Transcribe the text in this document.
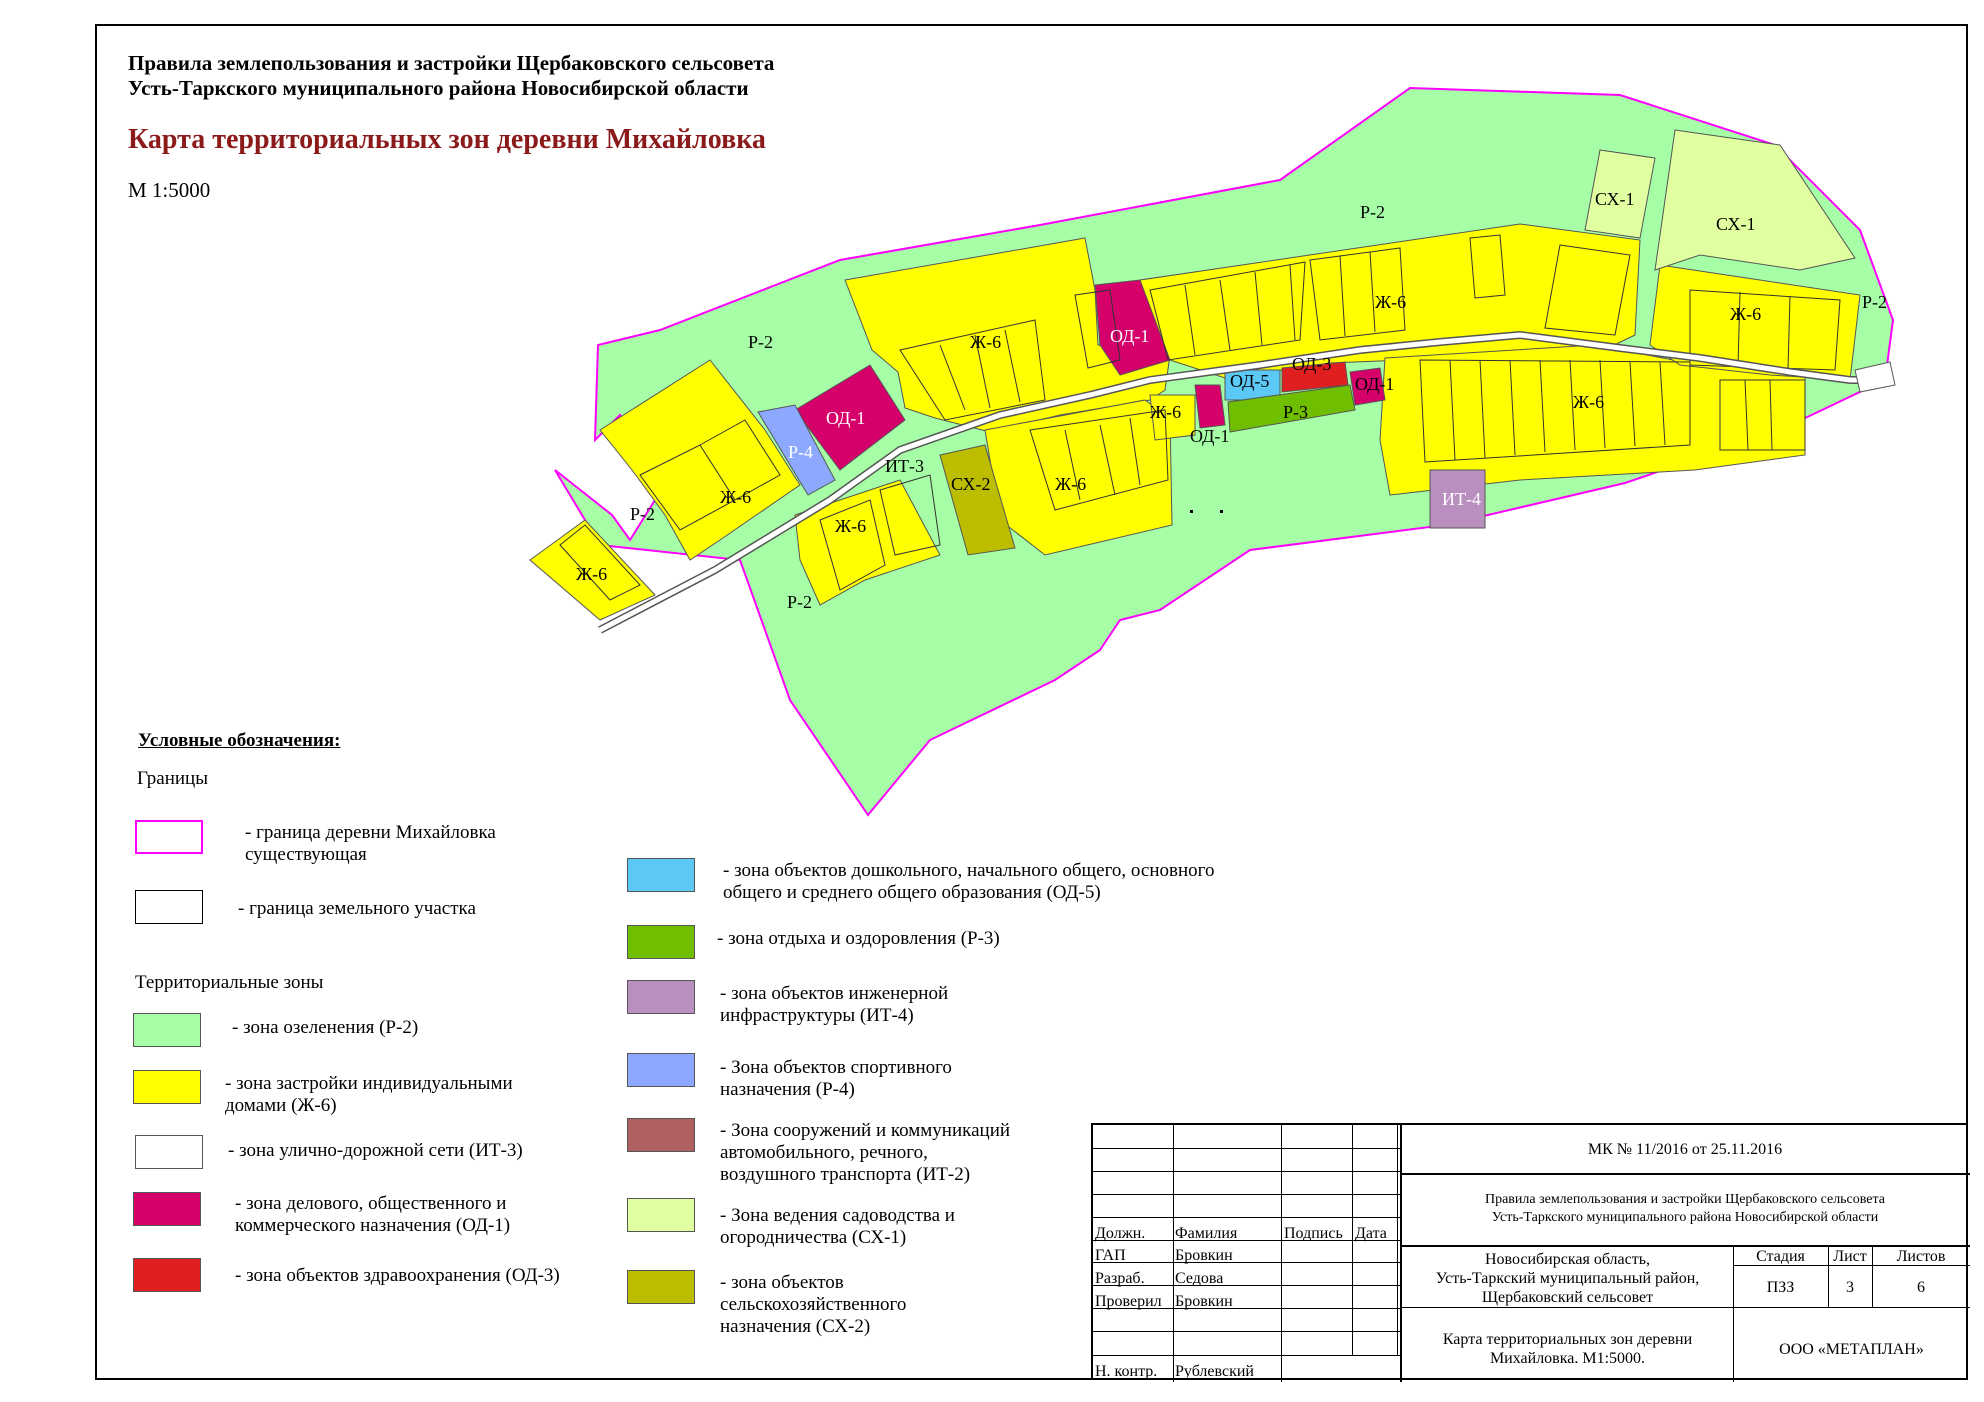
Правила землепользования и застройки Щербаковского сельсовета
Усть-Таркского муниципального района Новосибирской области
Карта территориальных зон деревни Михайловка
М 1:5000
Р-2
Р-2
Р-2
Р-2
Р-2
СХ-1
СХ-1
Ж-6
Ж-6
Ж-6
Ж-6	Ж-6
Ж-6
Ж-6
Ж-6
Ж-6
ОД-1
ОД-1
ОД-1
ОД-1
ОД-5
ОД-3
Р-3
Р-4
ИТ-3
СХ-2
ИТ-4
Условные обозначения:
Границы
- граница деревни Михайловка
существующая
- граница земельного участка
Территориальные зоны
- зона озеленения (Р-2)
- зона застройки индивидуальными
домами (Ж-6)
- зона улично-дорожной сети (ИТ-3)
- зона делового, общественного и
коммерческого назначения (ОД-1)
- зона объектов здравоохранения (ОД-3)
- зона объектов дошкольного, начального общего, основного
общего и среднего общего образования (ОД-5)
- зона отдыха и оздоровления (Р-3)
- зона объектов инженерной
инфраструктуры (ИТ-4)
- Зона объектов спортивного
назначения (Р-4)
- Зона сооружений и коммуникаций
автомобильного, речного,
воздушного транспорта (ИТ-2)
- Зона ведения садоводства и
огородничества (СХ-1)
- зона объектов
сельскохозяйственного
назначения (СХ-2)
МК № 11/2016 от 25.11.2016
Правила землепользования и застройки Щербаковского сельсовета
Усть-Таркского муниципального района Новосибирской области
Должн. Фамилия	Подпись Дата
ГАП	Бровкин
Разраб. Седова
Проверил Бровкин
Н. контр. Рублевский
Новосибирская область,
Усть-Таркский муниципальный район,
Щербаковский сельсовет
Стадия	Лист	Листов
ПЗЗ	3	6
Карта территориальных зон деревни
Михайловка. М1:5000.
ООО «МЕТАПЛАН»
